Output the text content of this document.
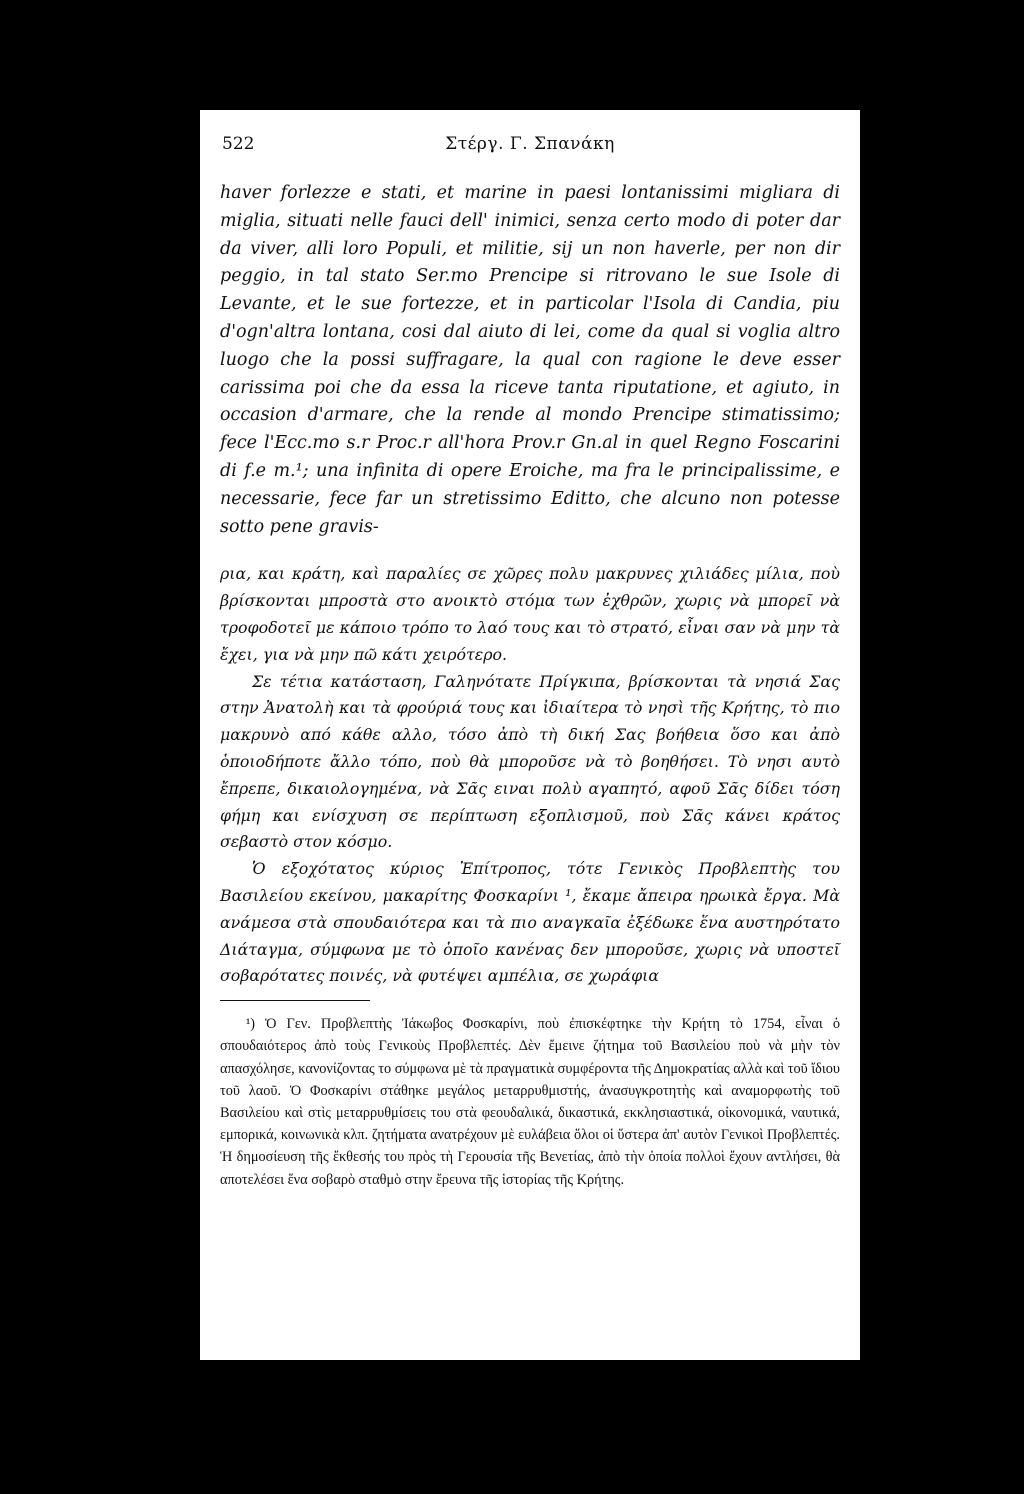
522	Στέργ. Γ. Σπανάκη

haver forlezze e stati, et marine in paesi lontanissimi migliara di miglia, situati nelle fauci dell' inimici, senza certo modo di poter dar da viver, alli loro Populi, et militie, sij un non haverle, per non dir peggio, in tal stato Ser.mo Prencipe si ritrovano le sue Isole di Levante, et le sue fortezze, et in particolar l'Isola di Candia, piu d'ogn'altra lontana, cosi dal aiuto di lei, come da qual si voglia altro luogo che la possi suffragare, la qual con ragione le deve esser carissima poi che da essa la riceve tanta riputatione, et agiuto, in occasion d'armare, che la rende al mondo Prencipe stimatissimo; fece l'Ecc.mo s.r Proc.r all'hora Prov.r Gn.al in quel Regno Foscarini di f.e m.¹; una infinita di opere Eroiche, ma fra le principalissime, e necessarie, fece far un stretissimo Editto, che alcuno non potesse sotto pene gravis-

ρια, και κράτη, καὶ παραλίες σε χῶρες πολυ μακρυνες χιλιάδες μίλια, ποὺ βρίσκονται μπροστὰ στο ανοικτὸ στόμα των ἐχθρῶν, χωρις νὰ μπορεῖ νὰ τροφοδοτεῖ με κάποιο τρόπο το λαό τους και τὸ στρατό, εἶναι σαν νὰ μην τὰ ἔχει, για νὰ μην πῶ κάτι χειρότερο.

Σε τέτια κατάσταση, Γαληνότατε Πρίγκιπα, βρίσκονται τὰ νησιά Σας στην Ἀνατολὴ και τὰ φρούριά τους και ἰδιαίτερα τὸ νησὶ τῆς Κρήτης, τὸ πιο μακρυνὸ από κάθε αλλο, τόσο ἀπὸ τὴ δική Σας βοήθεια ὅσο και ἀπὸ ὁποιοδήποτε ἄλλο τόπο, ποὺ θὰ μποροῦσε νὰ τὸ βοηθήσει. Τὸ νησι αυτὸ ἔπρεπε, δικαιολογημένα, νὰ Σᾶς ειναι πολὺ αγαπητό, αφοῦ Σᾶς δίδει τόση φήμη και ενίσχυση σε περίπτωση εξοπλισμοῦ, ποὺ Σᾶς κάνει κράτος σεβαστὸ στον κόσμο.

Ὁ εξοχότατος κύριος Ἐπίτροπος, τότε Γενικὸς Προβλεπτὴς του Βασιλείου εκείνου, μακαρίτης Φοσκαρίνι ¹, ἔκαμε ἄπειρα ηρωικὰ ἔργα. Μὰ ανάμεσα στὰ σπουδαιότερα και τὰ πιο αναγκαῖα ἐξέδωκε ἕνα αυστηρότατο Διάταγμα, σύμφωνα με τὸ ὁποῖο κανένας δεν μποροῦσε, χωρις νὰ υποστεῖ σοβαρότατες ποινές, νὰ φυτέψει αμπέλια, σε χωράφια

¹) Ὁ Γεν. Προβλεπτὴς Ἰάκωβος Φοσκαρίνι, ποὺ ἐπισκέφτηκε τὴν Κρήτη τὸ 1754, εἶναι ὁ σπουδαιότερος ἀπὸ τοὺς Γενικοὺς Προβλεπτές. Δὲν ἔμεινε ζήτημα τοῦ Βασιλείου ποὺ νὰ μὴν τὸν απασχόλησε, κανονίζοντας το σύμφωνα μὲ τὰ πραγματικὰ συμφέροντα τῆς Δημοκρατίας αλλὰ καὶ τοῦ ἴδιου τοῦ λαοῦ. Ὁ Φοσκαρίνι στάθηκε μεγάλος μεταρρυθμιστής, ἀνασυγκροτητὴς καὶ αναμορφωτὴς τοῦ Βασιλείου καὶ στὶς μεταρρυθμίσεις του στὰ φεουδαλικά, δικαστικά, εκκλησιαστικά, οἰκονομικά, ναυτικά, εμπορικά, κοινωνικὰ κλπ. ζητήματα ανατρέχουν μὲ ευλάβεια ὅλοι οἱ ὕστερα ἀπ' αυτὸν Γενικοὶ Προβλεπτές. Ἡ δημοσίευση τῆς ἔκθεσής του πρὸς τὴ Γερουσία τῆς Βενετίας, ἀπὸ τὴν ὁποία πολλοὶ ἔχουν αντλήσει, θὰ αποτελέσει ἕνα σοβαρὸ σταθμὸ στην ἔρευνα τῆς ἱστορίας τῆς Κρήτης.
